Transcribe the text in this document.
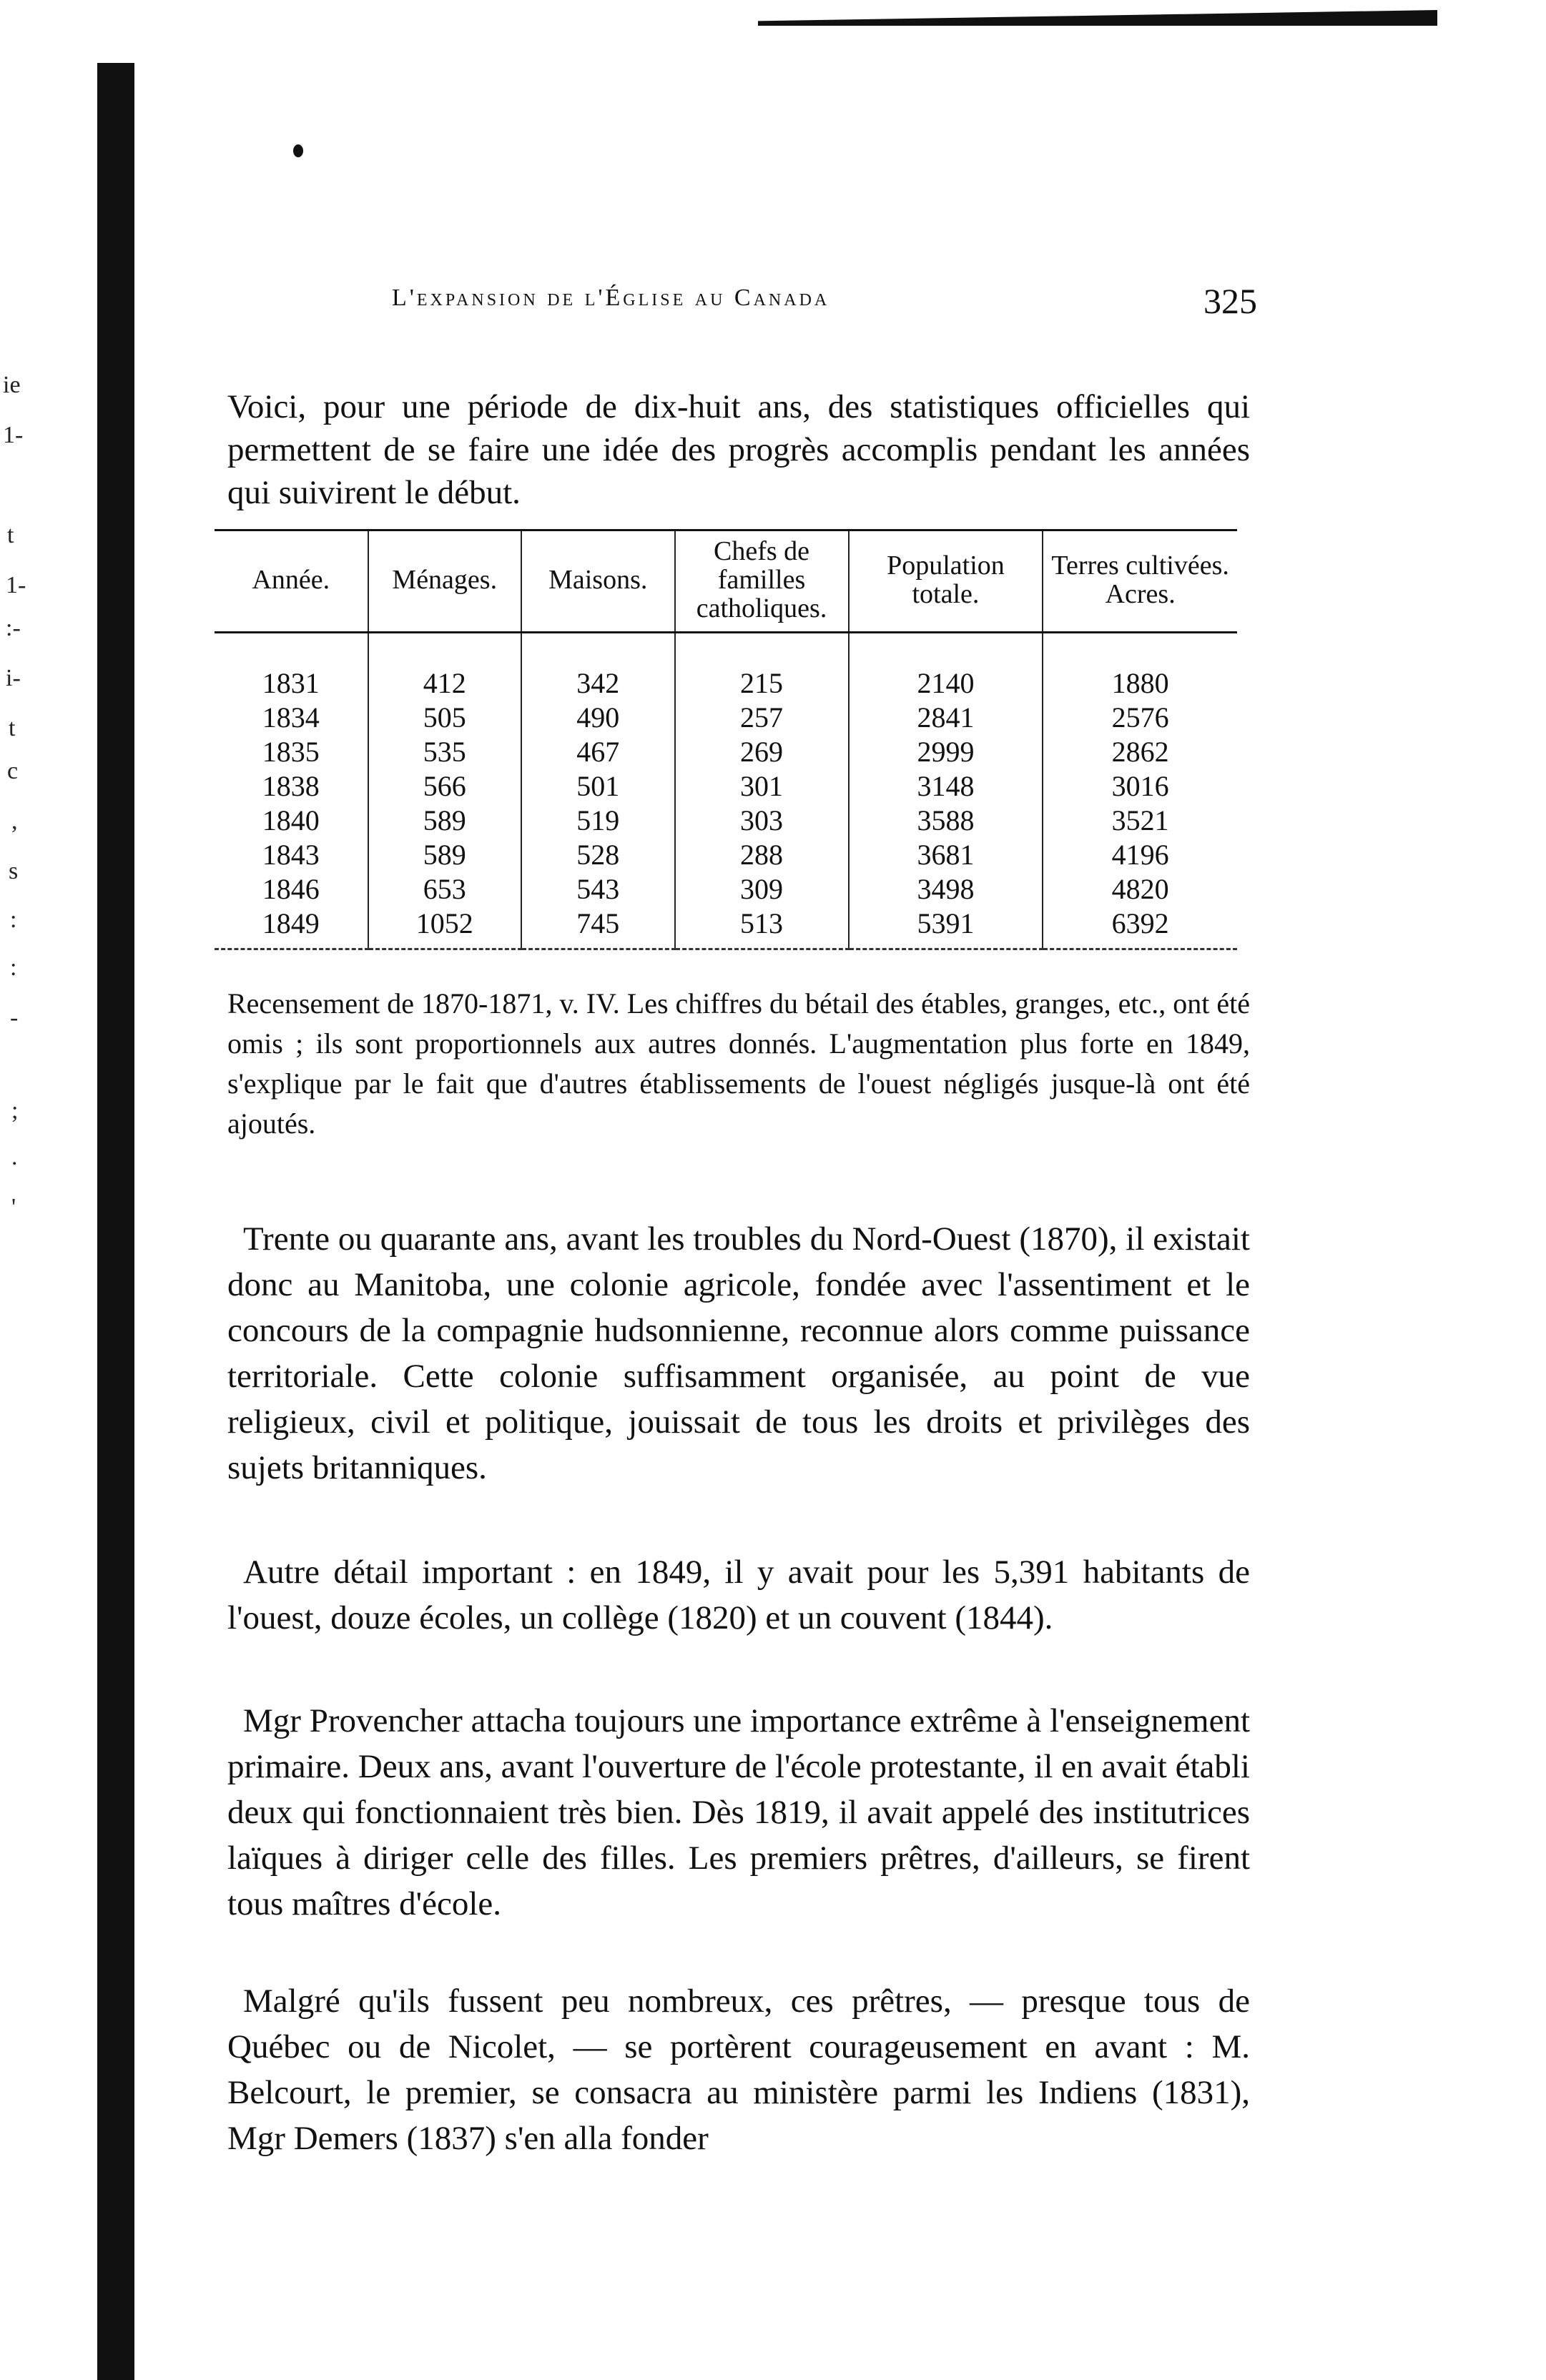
ie
1-
t
1-
:-
i-
t
c
,
s
:
:
-
;
.
'
L'expansion de l'Église au Canada	325

Voici, pour une période de dix-huit ans, des statistiques officielles qui permettent de se faire une idée des progrès accomplis pendant les années qui suivirent le début.

Année.	Ménages.	Maisons.	Chefs de familles catholiques.	Population totale.	Terres cultivées. Acres.
1831	412	342	215	2140	1880
1834	505	490	257	2841	2576
1835	535	467	269	2999	2862
1838	566	501	301	3148	3016
1840	589	519	303	3588	3521
1843	589	528	288	3681	4196
1846	653	543	309	3498	4820
1849	1052	745	513	5391	6392

Recensement de 1870-1871, v. IV. Les chiffres du bétail des étables, granges, etc., ont été omis ; ils sont proportionnels aux autres donnés. L'augmentation plus forte en 1849, s'explique par le fait que d'autres établissements de l'ouest négligés jusque-là ont été ajoutés.

Trente ou quarante ans, avant les troubles du Nord-Ouest (1870), il existait donc au Manitoba, une colonie agricole, fondée avec l'assentiment et le concours de la compagnie hudsonnienne, reconnue alors comme puissance territoriale. Cette colonie suffisamment organisée, au point de vue religieux, civil et politique, jouissait de tous les droits et privilèges des sujets britanniques.

Autre détail important : en 1849, il y avait pour les 5,391 habitants de l'ouest, douze écoles, un collège (1820) et un couvent (1844).

Mgr Provencher attacha toujours une importance extrême à l'enseignement primaire. Deux ans, avant l'ouverture de l'école protestante, il en avait établi deux qui fonctionnaient très bien. Dès 1819, il avait appelé des institutrices laïques à diriger celle des filles. Les premiers prêtres, d'ailleurs, se firent tous maîtres d'école.

Malgré qu'ils fussent peu nombreux, ces prêtres, — presque tous de Québec ou de Nicolet, — se portèrent courageusement en avant : M. Belcourt, le premier, se consacra au ministère parmi les Indiens (1831), Mgr Demers (1837) s'en alla fonder
